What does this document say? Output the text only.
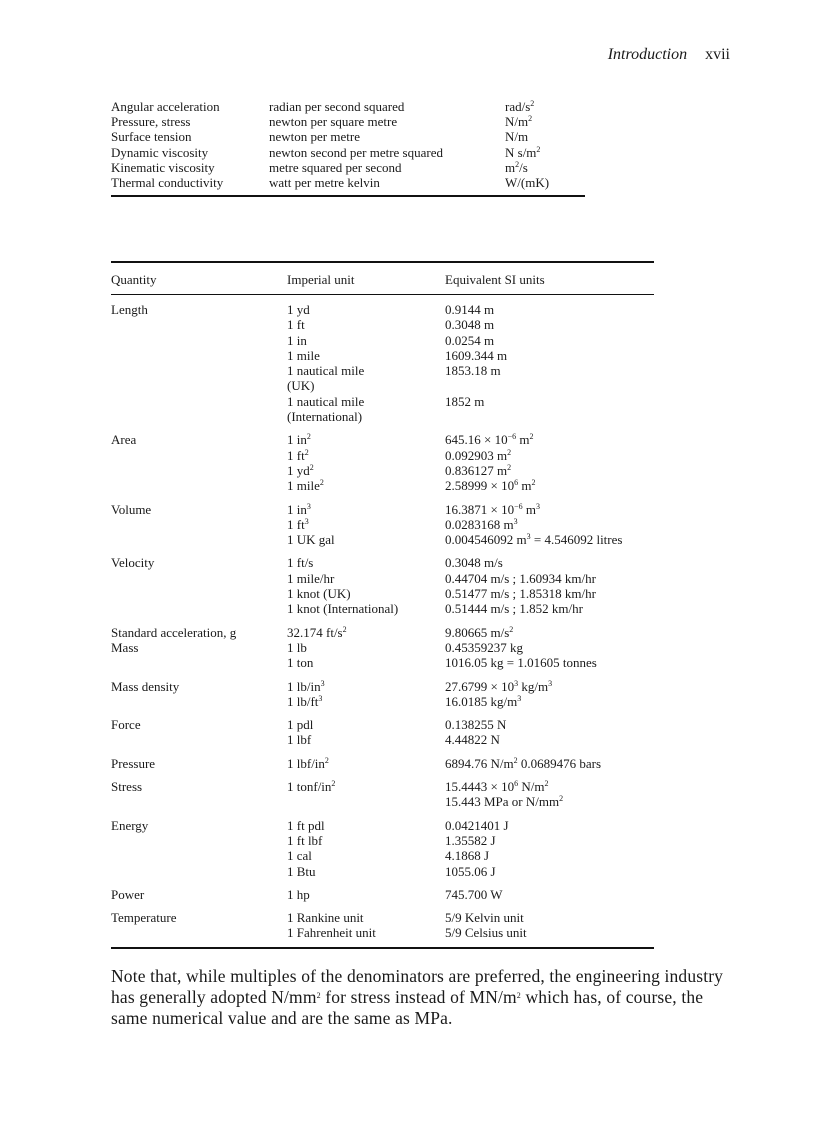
Introduction xvii
Angular acceleration	radian per second squared	rad/$s^2$
Pressure, stress	newton per square metre	$N/m^2$
Surface tension	newton per metre	N/m
Dynamic viscosity	newton second per metre squared	N $s/m^2$
Kinematic viscosity	metre squared per second	$m^2/s$
Thermal conductivity	watt per metre kelvin	W/(mK)
Quantity	Imperial unit	Equivalent SI units
Length	1 yd	0.9144 m
1 ft	0.3048 m
1 in	0.0254 m
1 mile	1609.344 m
1 nautical mile	1853.18 m
(UK)
1 nautical mile	1852 m
(International)
Area	1 $in^2$	$645.16 \times 10^{-6}$ $m^2$
1 $ft^2$	0.092903 $m^2$
1 $yd^2$	0.836127 $m^2$
1 mile$^2$	$2.58999 \times 10^6$ $m^2$
Volume	1 $in^3$	$16.3871 \times 10^{-6}$ $m^3$
1 $ft^3$	0.0283168 $m^3$
1 UK gal	0.004546092 $m^3 = 4.546092$ litres
Velocity	1 ft/s	0.3048 m/s
1 mile/hr	0.44704 m/s ; 1.60934 km/hr
1 knot (UK)	0.51477 m/s ; 1.85318 km/hr
1 knot (International)	0.51444 m/s ; 1.852 km/hr
Standard acceleration, g	32.174 $ft/s^2$	9.80665 $m/s^2$
Mass	1 lb	0.45359237 kg
1 ton	1016.05 kg = 1.01605 tonnes
Mass density	1 $lb/in^3$	$27.6799 \times 10^3$ $kg/m^3$
1 $lb/ft^3$	16.0185 $kg/m^3$
Force	1 pdl	0.138255 N
1 lbf	4.44822 N
Pressure	1 lbf/$in^2$	6894.76 $N/m^2$ 0.0689476 bars
Stress	1 tonf/$in^2$	$15.4443 \times 10^6$ $N/m^2$
15.443 MPa or $N/mm^2$
Energy	1 ft pdl	0.0421401 J
1 ft lbf	1.35582 J
1 cal	4.1868 J
1 Btu	1055.06 J
Power	1 hp	745.700 W
Temperature	1 Rankine unit	5/9 Kelvin unit
1 Fahrenheit unit	5/9 Celsius unit
Note that, while multiples of the denominators are preferred, the engineering industry has generally adopted $N/mm^2$ for stress instead of $MN/m^2$ which has, of course, the same numerical value and are the same as MPa.
